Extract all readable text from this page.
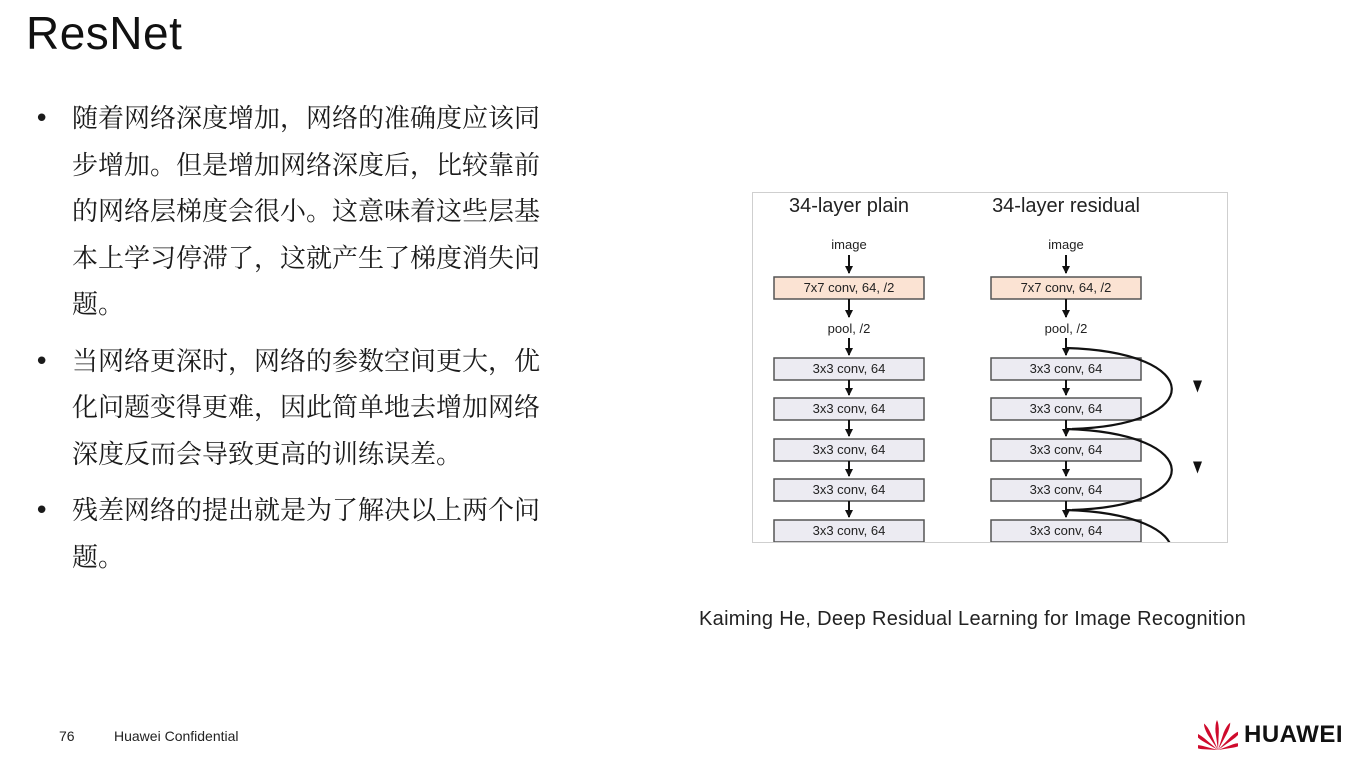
ResNet
• 随着网络深度增加，网络的准确度应该同步增加。但是增加网络深度后，比较靠前的网络层梯度会很小。这意味着这些层基本上学习停滞了，这就产生了梯度消失问题。
• 当网络更深时，网络的参数空间更大，优化问题变得更难，因此简单地去增加网络深度反而会导致更高的训练误差。
• 残差网络的提出就是为了解决以上两个问题。
34-layer plain
image
7x7 conv, 64, /2
pool, /2
3x3 conv, 64
3x3 conv, 64
3x3 conv, 64
3x3 conv, 64
3x3 conv, 64
34-layer residual
image
7x7 conv, 64, /2
pool, /2
3x3 conv, 64
3x3 conv, 64
3x3 conv, 64
3x3 conv, 64
3x3 conv, 64
Kaiming He, Deep Residual Learning for Image Recognition
76	Huawei Confidential	HUAWEI
